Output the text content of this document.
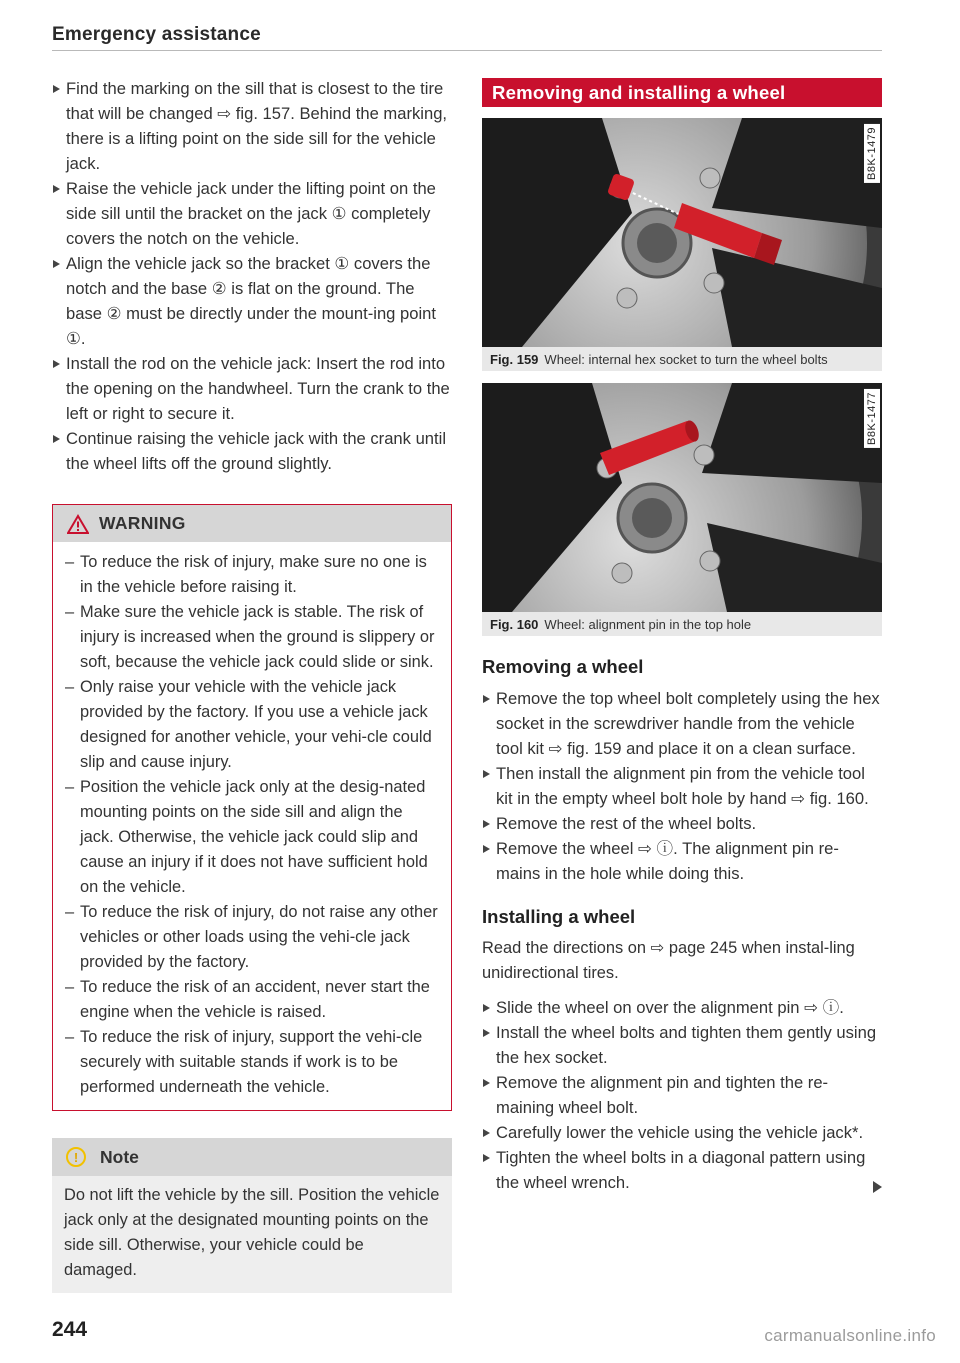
Emergency assistance
Find the marking on the sill that is closest to the tire that will be changed ⇨ fig. 157. Behind the marking, there is a lifting point on the side sill for the vehicle jack.
Raise the vehicle jack under the lifting point on the side sill until the bracket on the jack ① completely covers the notch on the vehicle.
Align the vehicle jack so the bracket ① covers the notch and the base ② is flat on the ground. The base ② must be directly under the mount-ing point ①.
Install the rod on the vehicle jack: Insert the rod into the opening on the handwheel. Turn the crank to the left or right to secure it.
Continue raising the vehicle jack with the crank until the wheel lifts off the ground slightly.
WARNING
– To reduce the risk of injury, make sure no one is in the vehicle before raising it.
– Make sure the vehicle jack is stable. The risk of injury is increased when the ground is slippery or soft, because the vehicle jack could slide or sink.
– Only raise your vehicle with the vehicle jack provided by the factory. If you use a vehicle jack designed for another vehicle, your vehi-cle could slip and cause injury.
– Position the vehicle jack only at the desig-nated mounting points on the side sill and align the jack. Otherwise, the vehicle jack could slip and cause an injury if it does not have sufficient hold on the vehicle.
– To reduce the risk of injury, do not raise any other vehicles or other loads using the vehi-cle jack provided by the factory.
– To reduce the risk of an accident, never start the engine when the vehicle is raised.
– To reduce the risk of injury, support the vehi-cle securely with suitable stands if work is to be performed underneath the vehicle.
!	Note
Do not lift the vehicle by the sill. Position the vehicle jack only at the designated mounting points on the side sill. Otherwise, your vehicle could be damaged.
244
Removing and installing a wheel
B8K-1479
Fig. 159 Wheel: internal hex socket to turn the wheel bolts
B8K-1477
Fig. 160 Wheel: alignment pin in the top hole
Removing a wheel
Remove the top wheel bolt completely using the hex socket in the screwdriver handle from the vehicle tool kit ⇨ fig. 159 and place it on a clean surface.
Then install the alignment pin from the vehicle tool kit in the empty wheel bolt hole by hand ⇨ fig. 160.
Remove the rest of the wheel bolts.
Remove the wheel ⇨ ⓘ. The alignment pin re-mains in the hole while doing this.
Installing a wheel

Read the directions on ⇨ page 245 when instal-ling unidirectional tires.

Slide the wheel on over the alignment pin ⇨ ⓘ.
Install the wheel bolts and tighten them gently using the hex socket.
Remove the alignment pin and tighten the re-maining wheel bolt.
Carefully lower the vehicle using the vehicle jack*.
Tighten the wheel bolts in a diagonal pattern using the wheel wrench.
carmanualsonline.info
